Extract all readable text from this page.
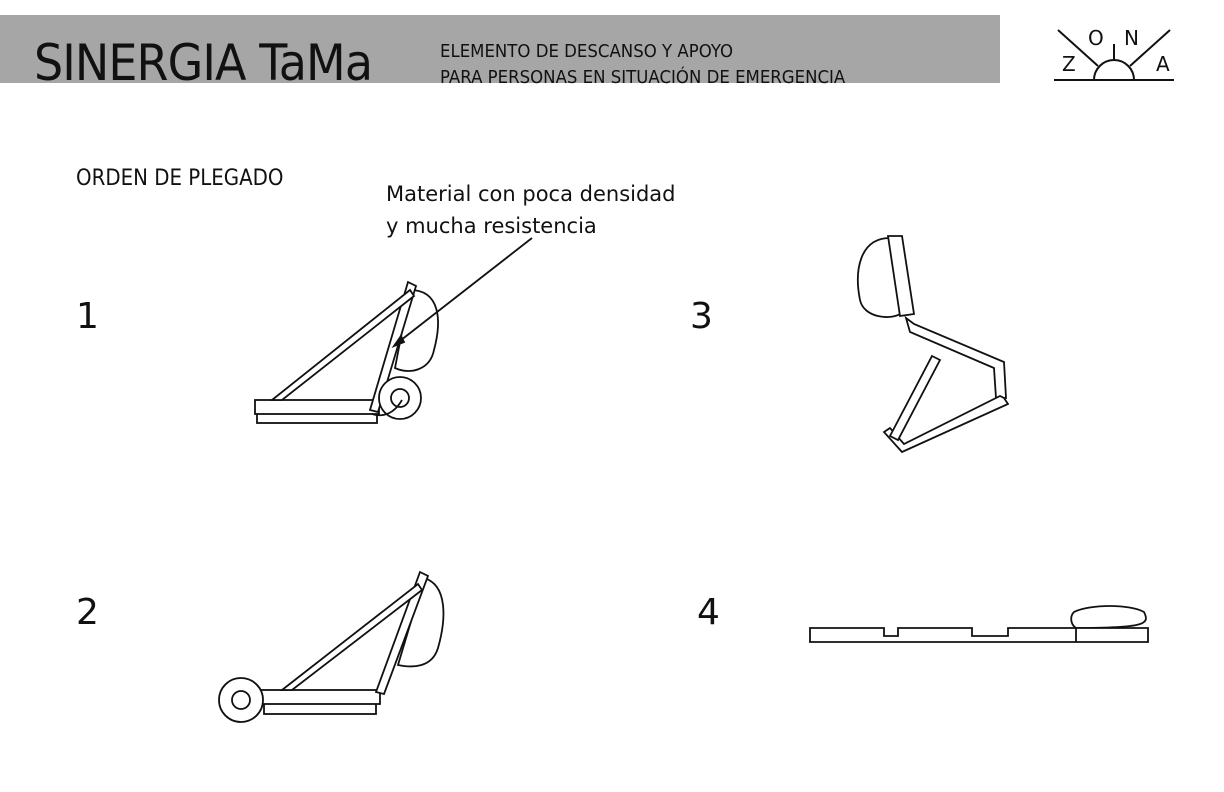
SINERGIA TaMa	ELEMENTO DE DESCANSO Y APOYO
PARA PERSONAS EN SITUACIÓN DE EMERGENCIA
Z
O N
A
ORDEN DE PLEGADO
Material con poca densidad
y mucha resistencia
1
2
3
4
